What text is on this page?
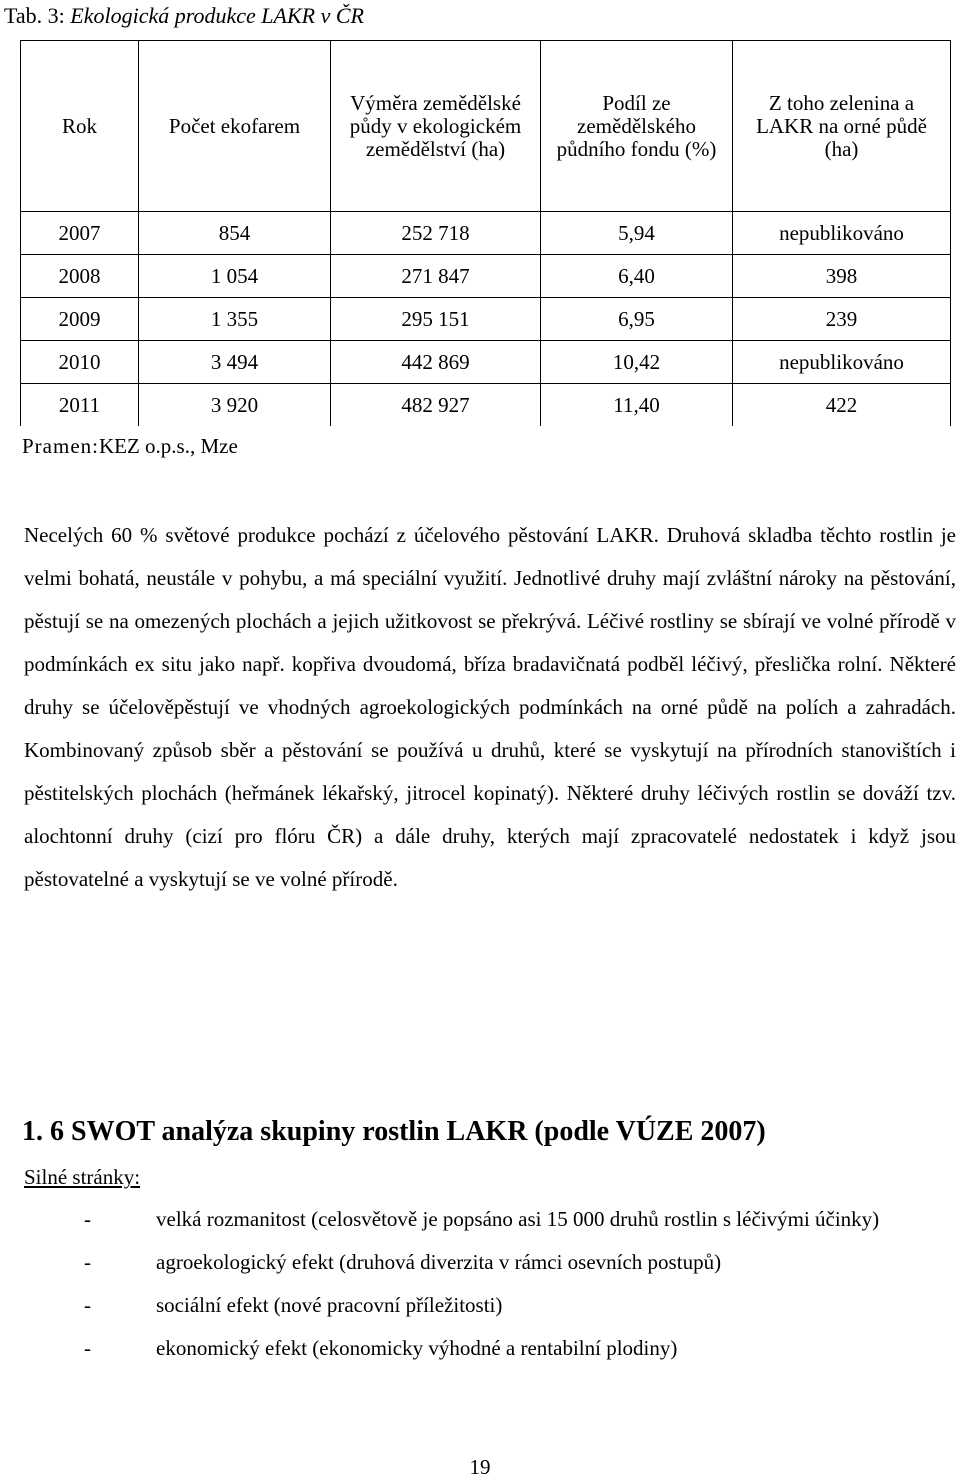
Tab. 3: Ekologická produkce LAKR v ČR
Rok	Počet ekofarem	Výměra zemědělské půdy v ekologickém zemědělství (ha)	Podíl ze zemědělského půdního fondu (%)	Z toho zelenina a LAKR na orné půdě (ha)
2007	854	252 718	5,94	nepublikováno
2008	1 054	271 847	6,40	398
2009	1 355	295 151	6,95	239
2010	3 494	442 869	10,42	nepublikováno
2011	3 920	482 927	11,40	422
Pramen:KEZ o.p.s., Mze

Necelých 60 % světové produkce pochází z účelového pěstování LAKR. Druhová skladba těchto rostlin je velmi bohatá, neustále v pohybu, a má speciální využití. Jednotlivé druhy mají zvláštní nároky na pěstování, pěstují se na omezených plochách a jejich užitkovost se překrývá. Léčivé rostliny se sbírají ve volné přírodě v podmínkách ex situ jako např. kopřiva dvoudomá, bříza bradavičnatá podběl léčivý, přeslička rolní. Některé druhy se účelověpěstují ve vhodných agroekologických podmínkách na orné půdě na polích a zahradách. Kombinovaný způsob sběr a pěstování se používá u druhů, které se vyskytují na přírodních stanovištích i pěstitelských plochách (heřmánek lékařský, jitrocel kopinatý). Některé druhy léčivých rostlin se dováží tzv. alochtonní druhy (cizí pro flóru ČR) a dále druhy, kterých mají zpracovatelé nedostatek i když jsou pěstovatelné a vyskytují se ve volné přírodě.

1. 6 SWOT analýza skupiny rostlin LAKR (podle VÚZE 2007)
Silné stránky:
-	velká rozmanitost (celosvětově je popsáno asi 15 000 druhů rostlin s léčivými účinky)
-	agroekologický efekt (druhová diverzita v rámci osevních postupů)
-	sociální efekt (nové pracovní příležitosti)
-	ekonomický efekt (ekonomicky výhodné a rentabilní plodiny)
19
